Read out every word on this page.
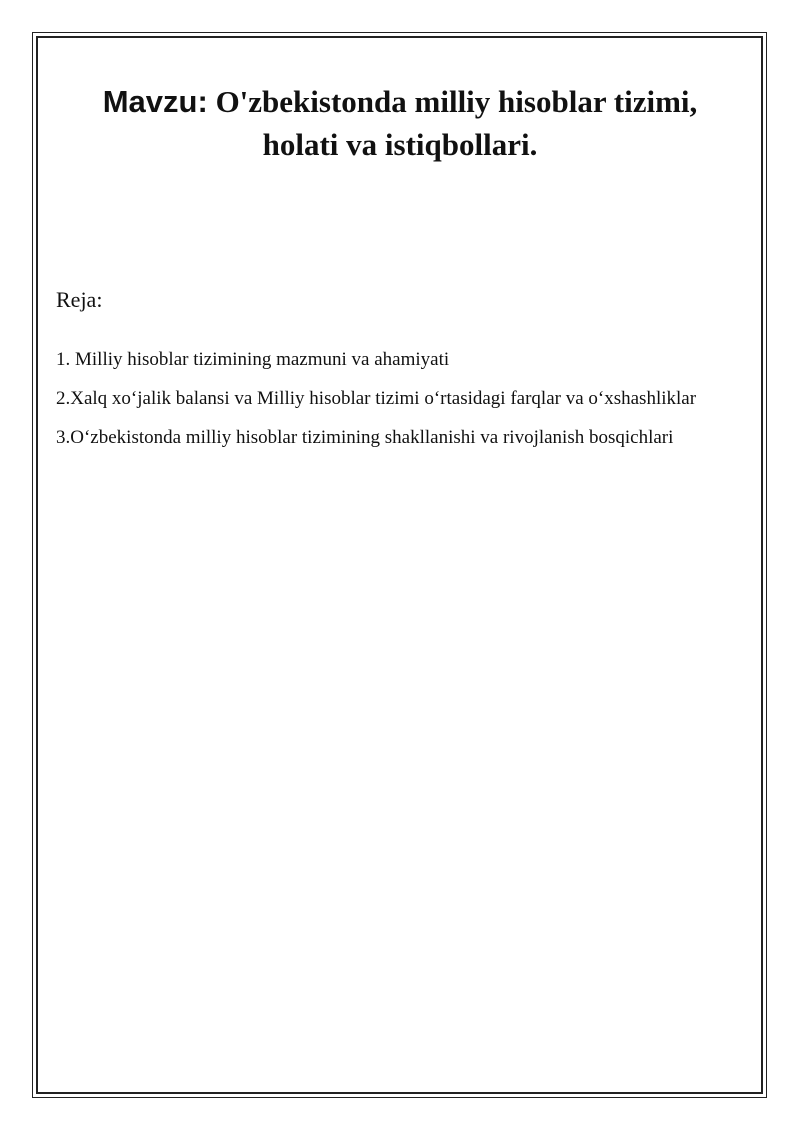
Mavzu: O'zbekistonda milliy hisoblar tizimi,
holati va istiqbollari.

Reja:

1. Milliy hisoblar tizimining mazmuni va ahamiyati
2.Xalq xo‘jalik balansi va Milliy hisoblar tizimi o‘rtasidagi farqlar va o‘xshashliklar
3.O‘zbekistonda milliy hisoblar tizimining shakllanishi va rivojlanish bosqichlari
